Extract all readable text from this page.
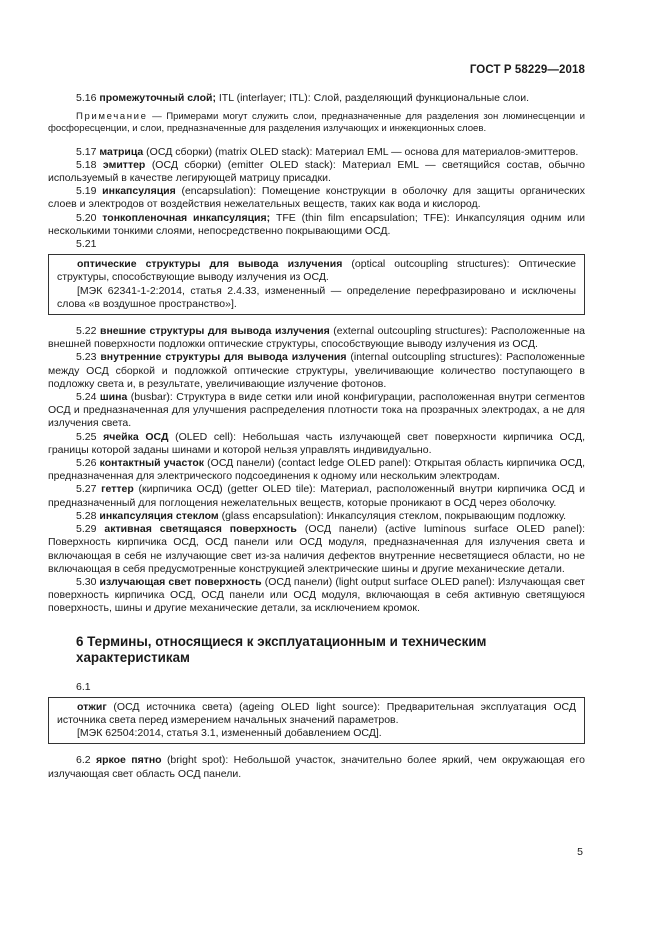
ГОСТ Р 58229—2018

5.16 промежуточный слой; ITL (interlayer; ITL): Слой, разделяющий функциональные слои.

Примечание — Примерами могут служить слои, предназначенные для разделения зон люминесценции и фосфоресценции, и слои, предназначенные для разделения излучающих и инжекционных слоев.

5.17 матрица (ОСД сборки) (matrix OLED stack): Материал EML — основа для материалов-эмиттеров.

5.18 эмиттер (ОСД сборки) (emitter OLED stack): Материал EML — светящийся состав, обычно используемый в качестве легирующей матрицу присадки.

5.19 инкапсуляция (encapsulation): Помещение конструкции в оболочку для защиты органических слоев и электродов от воздействия нежелательных веществ, таких как вода и кислород.

5.20 тонкопленочная инкапсуляция; TFE (thin film encapsulation; TFE): Инкапсуляция одним или несколькими тонкими слоями, непосредственно покрывающими ОСД.

5.21

оптические структуры для вывода излучения (optical outcoupling structures): Оптические структуры, способствующие выводу излучения из ОСД.

[МЭК 62341-1-2:2014, статья 2.4.33, измененный — определение перефразировано и исключены слова «в воздушное пространство»].

5.22 внешние структуры для вывода излучения (external outcoupling structures): Расположенные на внешней поверхности подложки оптические структуры, способствующие выводу излучения из ОСД.

5.23 внутренние структуры для вывода излучения (internal outcoupling structures): Расположенные между ОСД сборкой и подложкой оптические структуры, увеличивающие количество поступающего в подложку света и, в результате, увеличивающие излучение фотонов.

5.24 шина (busbar): Структура в виде сетки или иной конфигурации, расположенная внутри сегментов ОСД и предназначенная для улучшения распределения плотности тока на прозрачных электродах, а не для излучения света.

5.25 ячейка ОСД (OLED cell): Небольшая часть излучающей свет поверхности кирпичика ОСД, границы которой заданы шинами и которой нельзя управлять индивидуально.

5.26 контактный участок (ОСД панели) (contact ledge OLED panel): Открытая область кирпичика ОСД, предназначенная для электрического подсоединения к одному или нескольким электродам.

5.27 геттер (кирпичика ОСД) (getter OLED tile): Материал, расположенный внутри кирпичика ОСД и предназначенный для поглощения нежелательных веществ, которые проникают в ОСД через оболочку.

5.28 инкапсуляция стеклом (glass encapsulation): Инкапсуляция стеклом, покрывающим подложку.

5.29 активная светящаяся поверхность (ОСД панели) (active luminous surface OLED panel): Поверхность кирпичика ОСД, ОСД панели или ОСД модуля, предназначенная для излучения света и включающая в себя не излучающие свет из-за наличия дефектов внутренние несветящиеся области, но не включающая в себя предусмотренные конструкцией электрические шины и другие механические детали.

5.30 излучающая свет поверхность (ОСД панели) (light output surface OLED panel): Излучающая свет поверхность кирпичика ОСД, ОСД панели или ОСД модуля, включающая в себя активную светящуюся поверхность, шины и другие механические детали, за исключением кромок.

6 Термины, относящиеся к эксплуатационным и техническим характеристикам

6.1

отжиг (ОСД источника света) (ageing OLED light source): Предварительная эксплуатация ОСД источника света перед измерением начальных значений параметров.

[МЭК 62504:2014, статья 3.1, измененный добавлением ОСД].

6.2 яркое пятно (bright spot): Небольшой участок, значительно более яркий, чем окружающая его излучающая свет область ОСД панели.

5
